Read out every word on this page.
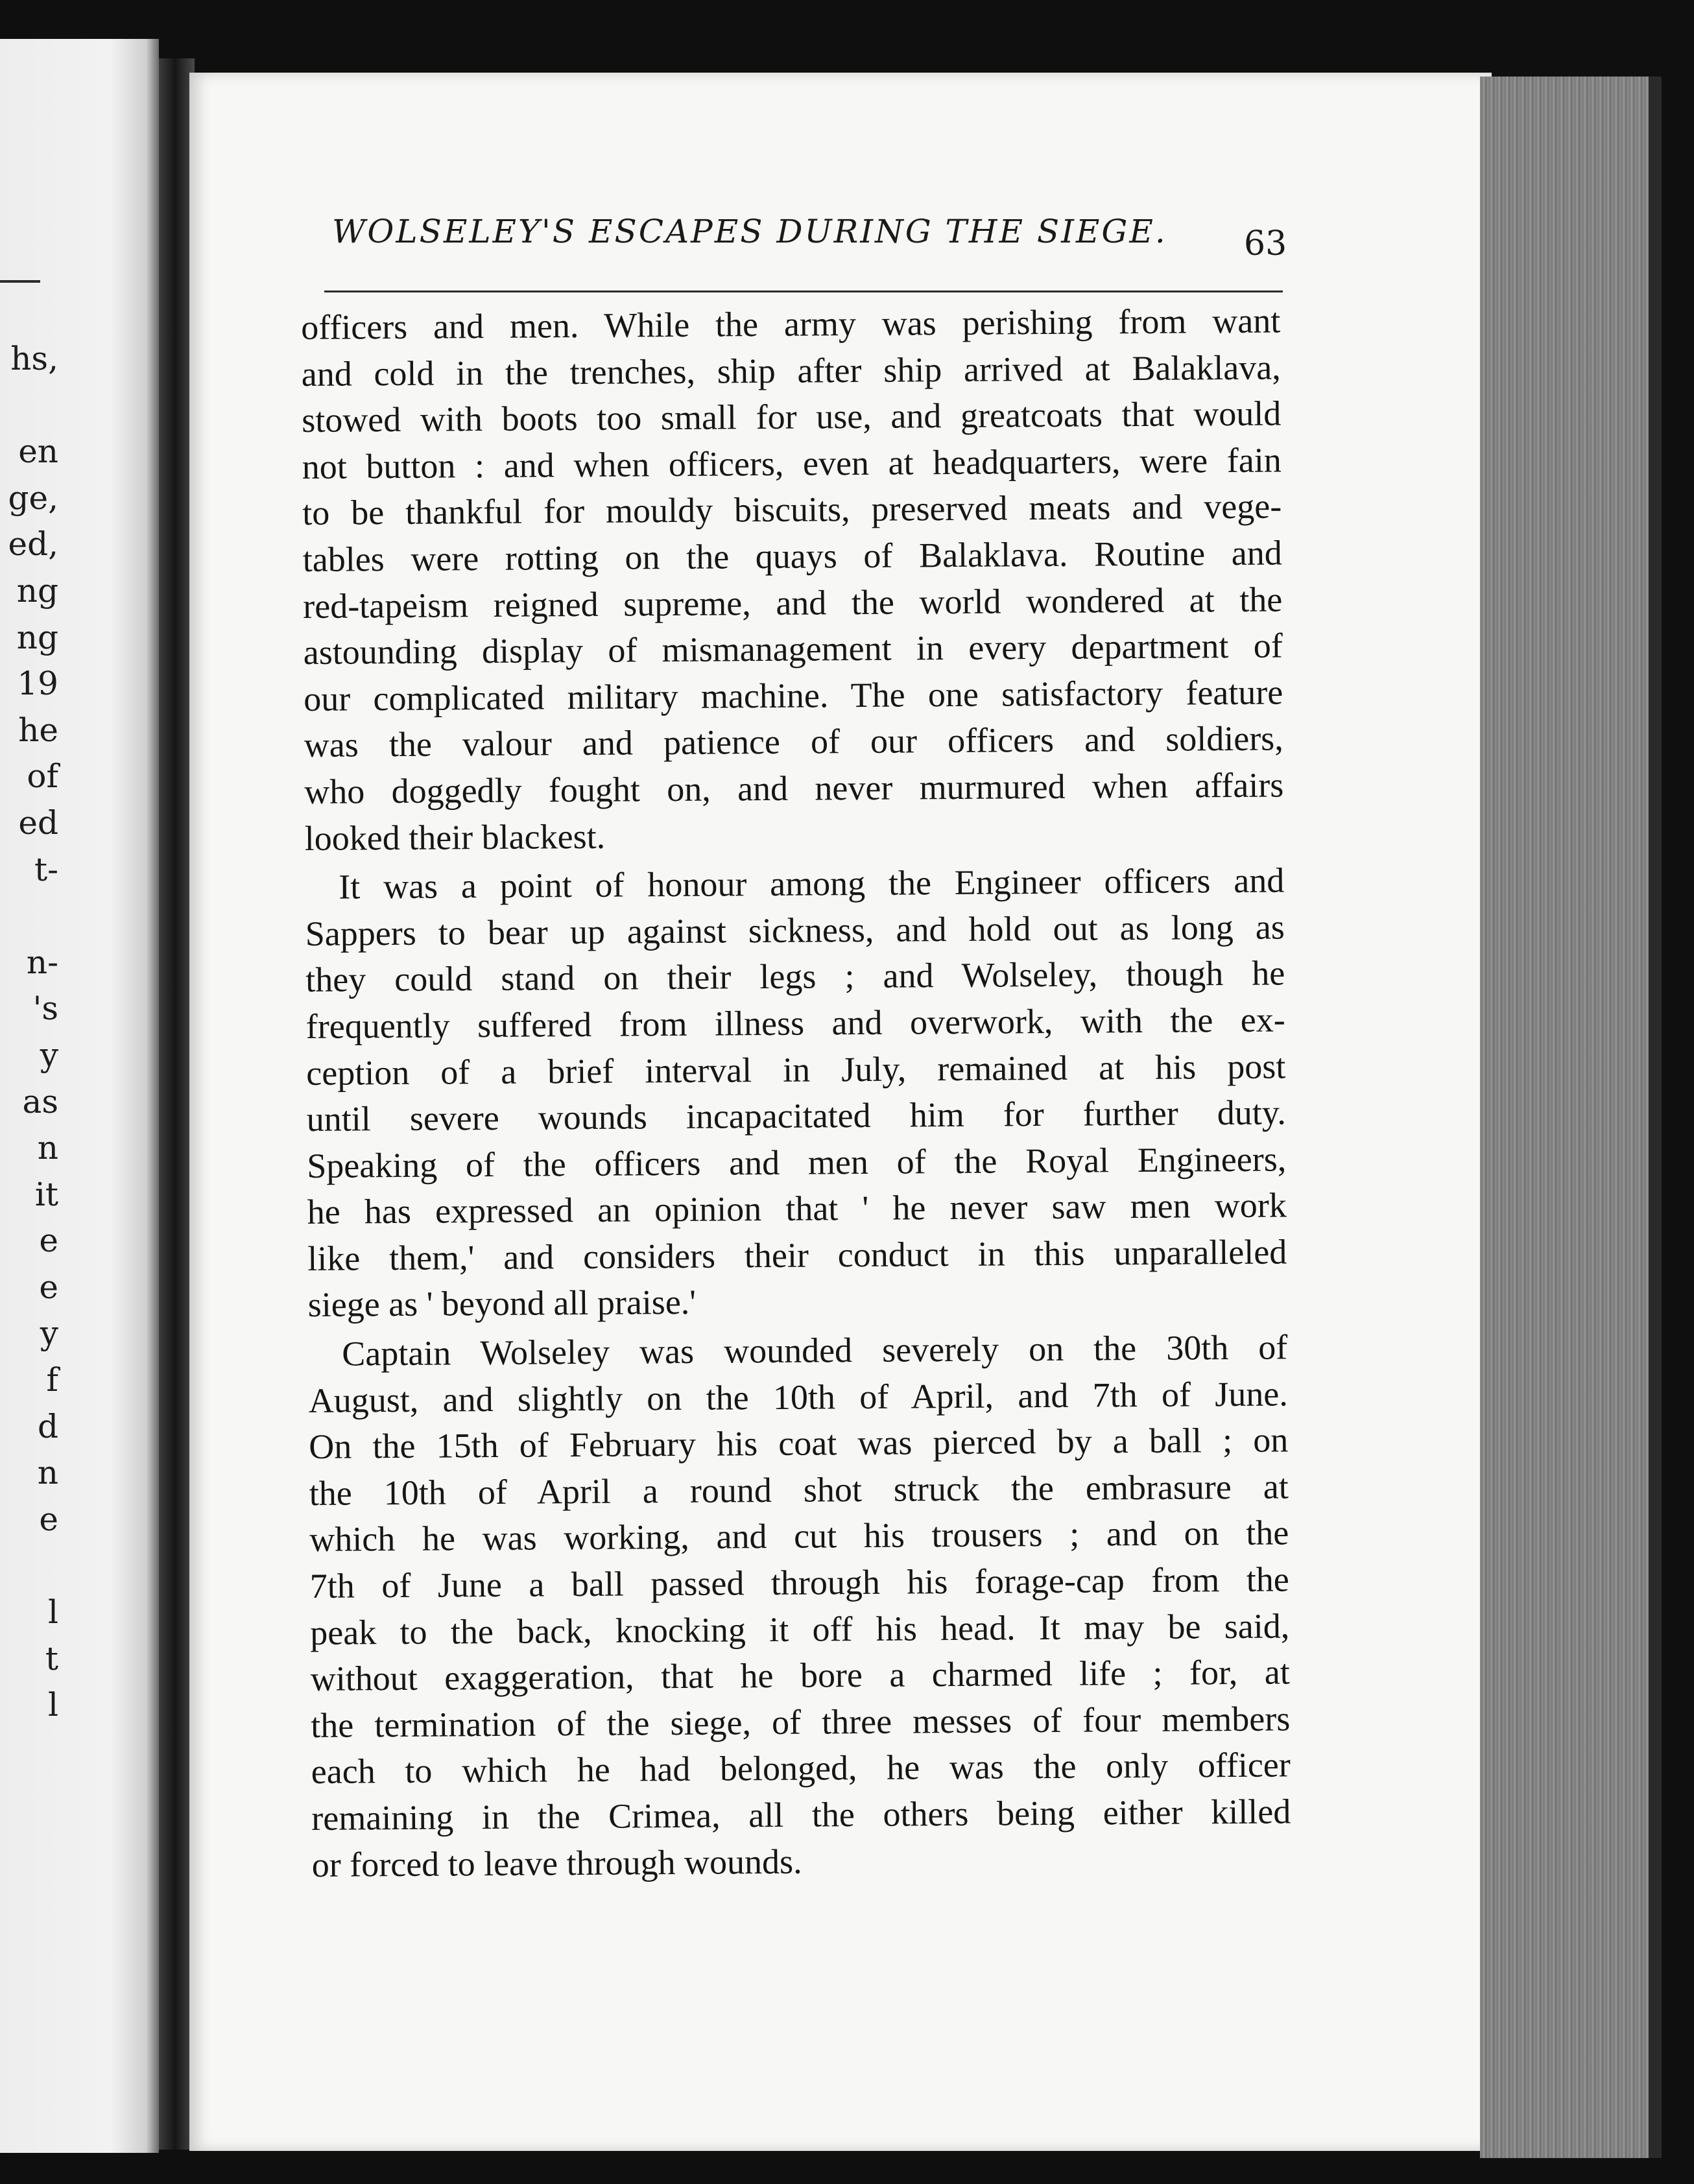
hs,
en
ge,
ed,
ng
ng
19
he
of
ed
t-
n-
's
y
as
n
it
e
e
y
f
d
n
e
l
t
l
WOLSELEY'S ESCAPES DURING THE SIEGE.	63
officers and men. While the army was perishing from want
and cold in the trenches, ship after ship arrived at Balaklava,
stowed with boots too small for use, and greatcoats that would
not button : and when officers, even at headquarters, were fain
to be thankful for mouldy biscuits, preserved meats and vege-
tables were rotting on the quays of Balaklava. Routine and
red-tapeism reigned supreme, and the world wondered at the
astounding display of mismanagement in every department of
our complicated military machine. The one satisfactory feature
was the valour and patience of our officers and soldiers,
who doggedly fought on, and never murmured when affairs
looked their blackest.
It was a point of honour among the Engineer officers and
Sappers to bear up against sickness, and hold out as long as
they could stand on their legs ; and Wolseley, though he
frequently suffered from illness and overwork, with the ex-
ception of a brief interval in July, remained at his post
until severe wounds incapacitated him for further duty.
Speaking of the officers and men of the Royal Engineers,
he has expressed an opinion that ' he never saw men work
like them,' and considers their conduct in this unparalleled
siege as ' beyond all praise.'
Captain Wolseley was wounded severely on the 30th of
August, and slightly on the 10th of April, and 7th of June.
On the 15th of February his coat was pierced by a ball ; on
the 10th of April a round shot struck the embrasure at
which he was working, and cut his trousers ; and on the
7th of June a ball passed through his forage-cap from the
peak to the back, knocking it off his head. It may be said,
without exaggeration, that he bore a charmed life ; for, at
the termination of the siege, of three messes of four members
each to which he had belonged, he was the only officer
remaining in the Crimea, all the others being either killed
or forced to leave through wounds.
